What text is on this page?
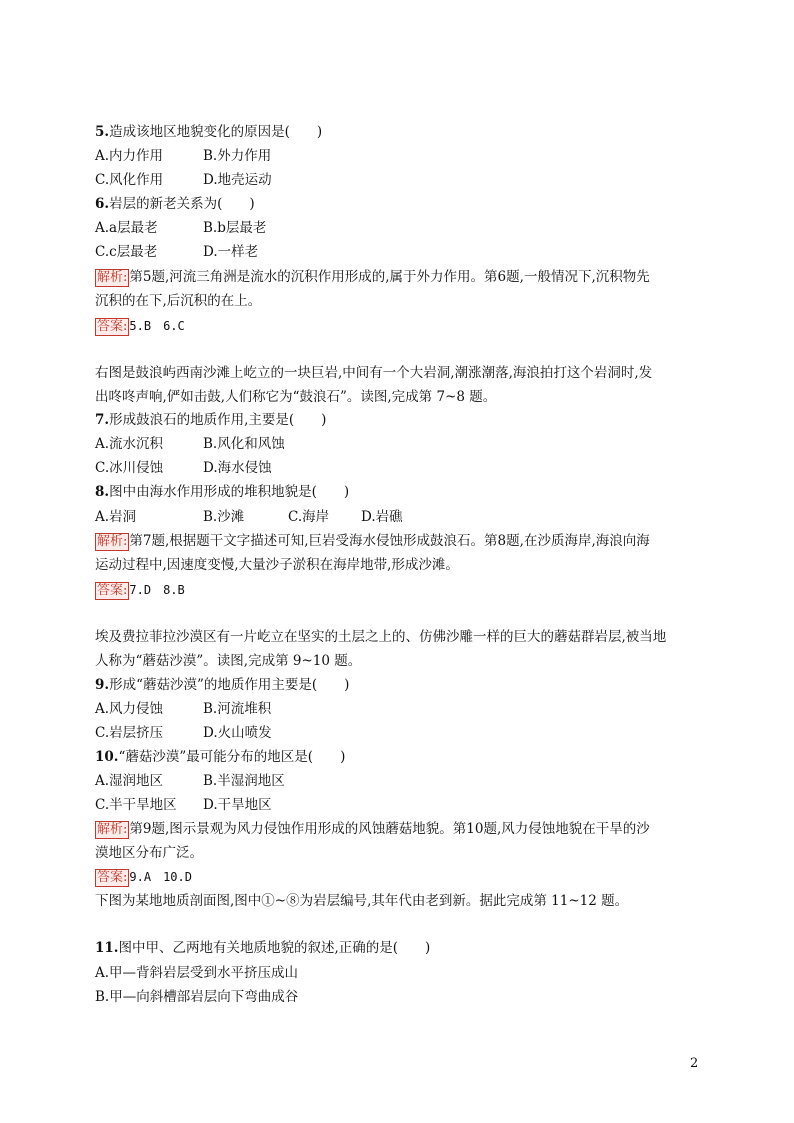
5.造成该地区地貌变化的原因是(　　)
A.内力作用	B.外力作用
C.风化作用	D.地壳运动
6.岩层的新老关系为(　　)
A.a层最老	B.b层最老
C.c层最老	D.一样老
解析: 第5题,河流三角洲是流水的沉积作用形成的,属于外力作用。第6题,一般情况下,沉积物先
沉积的在下,后沉积的在上。
答案: 5.B　6.C
右图是鼓浪屿西南沙滩上屹立的一块巨岩,中间有一个大岩洞,潮涨潮落,海浪拍打这个岩洞时,发
出咚咚声响,俨如击鼓,人们称它为“鼓浪石”。读图,完成第 7~8 题。
7.形成鼓浪石的地质作用,主要是(　　)
A.流水沉积	B.风化和风蚀
C.冰川侵蚀	D.海水侵蚀
8.图中由海水作用形成的堆积地貌是(　　)
A.岩洞	B.沙滩	C.海岸 D.岩礁
解析: 第7题,根据题干文字描述可知,巨岩受海水侵蚀形成鼓浪石。第8题,在沙质海岸,海浪向海
运动过程中,因速度变慢,大量沙子淤积在海岸地带,形成沙滩。
答案: 7.D　8.B
埃及费拉菲拉沙漠区有一片屹立在坚实的土层之上的、仿佛沙雕一样的巨大的蘑菇群岩层,被当地
人称为“蘑菇沙漠”。读图,完成第 9~10 题。
9.形成“蘑菇沙漠”的地质作用主要是(　　)
A.风力侵蚀	B.河流堆积
C.岩层挤压	D.火山喷发
10.“蘑菇沙漠”最可能分布的地区是(　　)
A.湿润地区	B.半湿润地区
C.半干旱地区 D.干旱地区
解析: 第9题,图示景观为风力侵蚀作用形成的风蚀蘑菇地貌。第10题,风力侵蚀地貌在干旱的沙
漠地区分布广泛。
答案: 9.A　10.D
下图为某地地质剖面图,图中①~⑧为岩层编号,其年代由老到新。据此完成第 11~12 题。
11.图中甲、乙两地有关地质地貌的叙述,正确的是(　　)
A.甲—背斜岩层受到水平挤压成山
B.甲—向斜槽部岩层向下弯曲成谷
2
